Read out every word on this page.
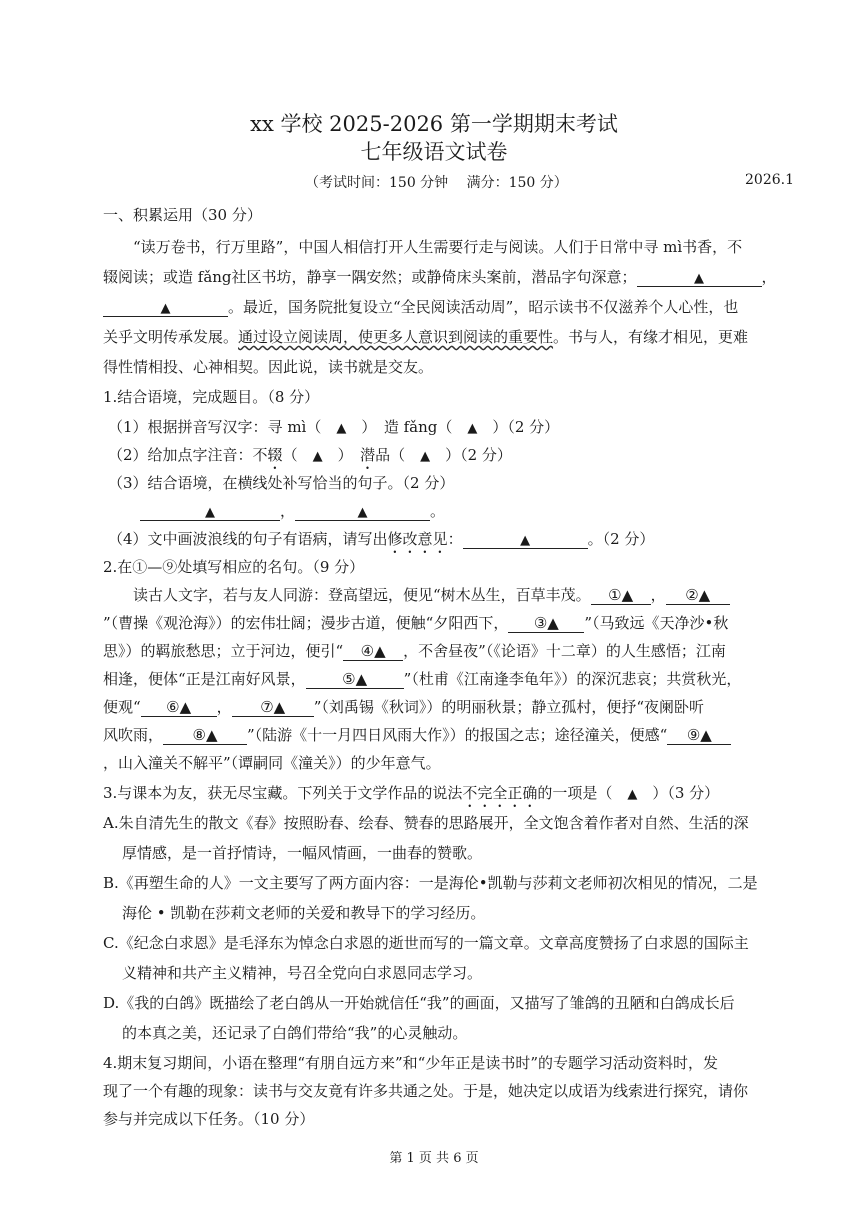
xx 学校 2025-2026 第一学期期末考试
七年级语文试卷
（考试时间：150 分钟　 满分：150 分）	2026.1
一、积累运用（30 分）
“读万卷书，行万里路”，中国人相信打开人生需要行走与阅读。人们于日常中寻 mì书香，不
辍阅读；或造 fǎng社区书坊，静享一隅安然；或静倚床头案前，潜品字句深意；	▲	，
▲	。最近，国务院批复设立“全民阅读活动周”，昭示读书不仅滋养个人心性，也
关乎文明传承发展。通过设立阅读周，使更多人意识到阅读的重要性。书与人，有缘才相见，更难
得性情相投、心神相契。因此说，读书就是交友。
1.结合语境，完成题目。（8 分）
（1）根据拼音写汉字：寻 mì（　▲　）　造 fǎng（　▲　）（2 分）
（2）给加点字注音：不辍（　▲　）　潜品（　▲　）（2 分）
（3）结合语境，在横线处补写恰当的句子。（2 分）
▲	，	▲	。
（4）文中画波浪线的句子有语病，请写出修改意见：	▲	。（2 分）
2.在①—⑨处填写相应的名句。（9 分）
读古人文字，若与友人同游：登高望远，便见“树木丛生，百草丰茂。 ①▲ ， ②▲
”（曹操《观沧海》）的宏伟壮阔；漫步古道，便触“夕阳西下， ③▲ ”（马致远《天净沙•秋
思》）的羁旅愁思；立于河边，便引“ ④▲ ，不舍昼夜”（《论语》十二章）的人生感悟；江南
相逢，便体“正是江南好风景， ⑤▲ ”（杜甫《江南逢李龟年》）的深沉悲哀；共赏秋光，
便观“ ⑥▲ ， ⑦▲ ”（刘禹锡《秋词》）的明丽秋景；静立孤村，便抒“夜阑卧听
风吹雨， ⑧▲ ”（陆游《十一月四日风雨大作》）的报国之志；途径潼关，便感“ ⑨▲
，山入潼关不解平”（谭嗣同《潼关》）的少年意气。
3.与课本为友，获无尽宝藏。下列关于文学作品的说法不完全正确的一项是（　▲　）（3 分）
A.朱自清先生的散文《春》按照盼春、绘春、赞春的思路展开，全文饱含着作者对自然、生活的深
厚情感，是一首抒情诗，一幅风情画，一曲春的赞歌。
B.《再塑生命的人》一文主要写了两方面内容：一是海伦•凯勒与莎莉文老师初次相见的情况，二是
海伦 • 凯勒在莎莉文老师的关爱和教导下的学习经历。
C.《纪念白求恩》是毛泽东为悼念白求恩的逝世而写的一篇文章。文章高度赞扬了白求恩的国际主
义精神和共产主义精神，号召全党向白求恩同志学习。
D.《我的白鸽》既描绘了老白鸽从一开始就信任“我”的画面，又描写了雏鸽的丑陋和白鸽成长后
的本真之美，还记录了白鸽们带给“我”的心灵触动。
4.期末复习期间，小语在整理“有朋自远方来”和“少年正是读书时”的专题学习活动资料时，发
现了一个有趣的现象：读书与交友竟有许多共通之处。于是，她决定以成语为线索进行探究，请你
参与并完成以下任务。（10 分）
第 1 页 共 6 页
